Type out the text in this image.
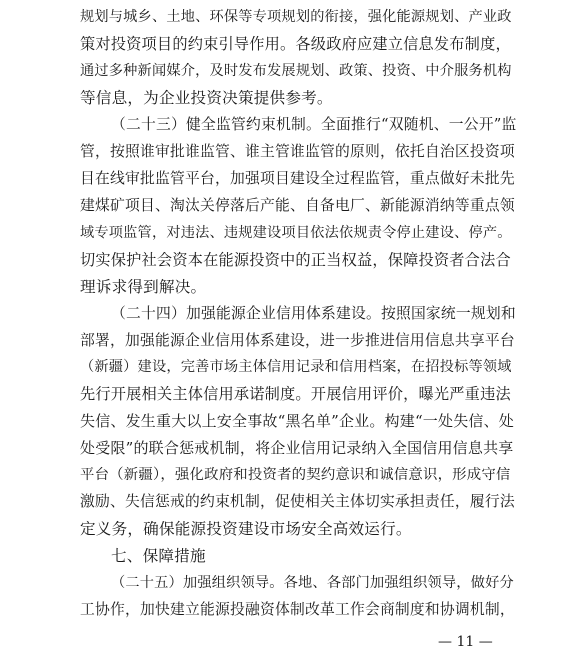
规划与城乡、土地、环保等专项规划的衔接，强化能源规划、产业政
策对投资项目的约束引导作用。各级政府应建立信息发布制度，
通过多种新闻媒介，及时发布发展规划、政策、投资、中介服务机构
等信息，为企业投资决策提供参考。
（二十三）健全监管约束机制。全面推行“双随机、一公开”监
管，按照谁审批谁监管、谁主管谁监管的原则，依托自治区投资项
目在线审批监管平台，加强项目建设全过程监管，重点做好未批先
建煤矿项目、淘汰关停落后产能、自备电厂、新能源消纳等重点领
域专项监管，对违法、违规建设项目依法依规责令停止建设、停产。
切实保护社会资本在能源投资中的正当权益，保障投资者合法合
理诉求得到解决。
（二十四）加强能源企业信用体系建设。按照国家统一规划和
部署，加强能源企业信用体系建设，进一步推进信用信息共享平台
（新疆）建设，完善市场主体信用记录和信用档案，在招投标等领域
先行开展相关主体信用承诺制度。开展信用评价，曝光严重违法
失信、发生重大以上安全事故“黑名单”企业。构建“一处失信、处
处受限”的联合惩戒机制，将企业信用记录纳入全国信用信息共享
平台（新疆），强化政府和投资者的契约意识和诚信意识，形成守信
激励、失信惩戒的约束机制，促使相关主体切实承担责任，履行法
定义务，确保能源投资建设市场安全高效运行。
七、保障措施
（二十五）加强组织领导。各地、各部门加强组织领导，做好分
工协作，加快建立能源投融资体制改革工作会商制度和协调机制，
— 11 —
